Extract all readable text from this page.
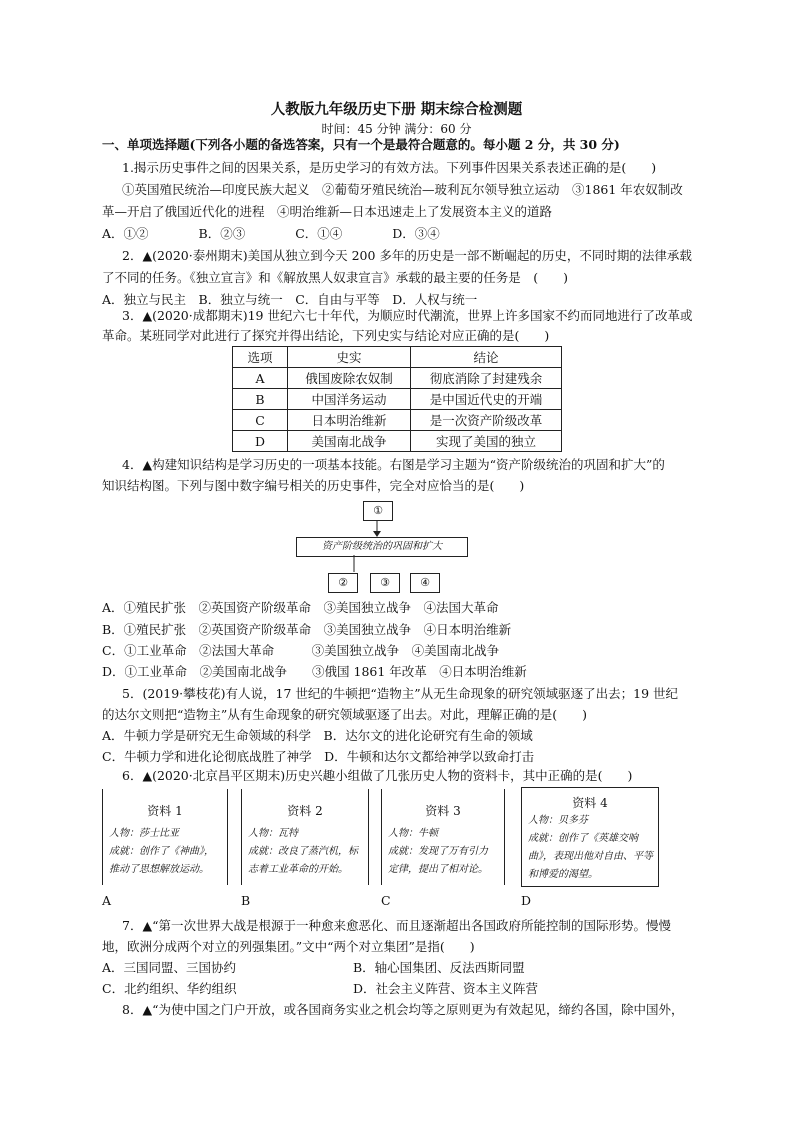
人教版九年级历史下册 期末综合检测题
时间：45 分钟 满分：60 分
一、单项选择题(下列各小题的备选答案，只有一个是最符合题意的。每小题 2 分，共 30 分)
1.揭示历史事件之间的因果关系，是历史学习的有效方法。下列事件因果关系表述正确的是(　　)
①英国殖民统治—印度民族大起义　②葡萄牙殖民统治—玻利瓦尔领导独立运动　③1861 年农奴制改
革—开启了俄国近代化的进程　④明治维新—日本迅速走上了发展资本主义的道路
A．①②　　　　B．②③　　　　C．①④　　　　D．③④
2．▲(2020·泰州期末)美国从独立到今天 200 多年的历史是一部不断崛起的历史，不同时期的法律承载
了不同的任务。《独立宣言》和《解放黑人奴隶宣言》承载的最主要的任务是　(　　)
A．独立与民主　B．独立与统一　C．自由与平等　D．人权与统一
3．▲(2020·成都期末)19 世纪六七十年代，为顺应时代潮流，世界上许多国家不约而同地进行了改革或
革命。某班同学对此进行了探究并得出结论，下列史实与结论对应正确的是(　　)
选项	史实	结论
A	俄国废除农奴制	彻底消除了封建残余
B	中国洋务运动	是中国近代史的开端
C	日本明治维新	是一次资产阶级改革
D	美国南北战争	实现了美国的独立
4．▲构建知识结构是学习历史的一项基本技能。右图是学习主题为“资产阶级统治的巩固和扩大”的
知识结构图。下列与图中数字编号相关的历史事件，完全对应恰当的是(　　)
①
资产阶级统治的巩固和扩大
②	③	④
A．①殖民扩张　②英国资产阶级革命　③美国独立战争　④法国大革命
B．①殖民扩张　②英国资产阶级革命　③美国独立战争　④日本明治维新
C．①工业革命　②法国大革命　　　③美国独立战争　④美国南北战争
D．①工业革命　②美国南北战争　　③俄国 1861 年改革　④日本明治维新
5．(2019·攀枝花)有人说，17 世纪的牛顿把“造物主”从无生命现象的研究领域驱逐了出去；19 世纪
的达尔文则把“造物主”从有生命现象的研究领域驱逐了出去。对此，理解正确的是(　　)
A．牛顿力学是研究无生命领域的科学　B．达尔文的进化论研究有生命的领域
C．牛顿力学和进化论彻底战胜了神学　D．牛顿和达尔文都给神学以致命打击
6．▲(2020·北京昌平区期末)历史兴趣小组做了几张历史人物的资料卡，其中正确的是(　　)
资料 1
人物：莎士比亚
成就：创作了《神曲》，
推动了思想解放运动。
资料 2
人物：瓦特
成就：改良了蒸汽机，标
志着工业革命的开始。
资料 3
人物：牛顿
成就：发现了万有引力
定律，提出了相对论。
资料 4
人物：贝多芬
成就：创作了《英雄交响
曲》，表现出他对自由、平等
和博爱的渴望。
A	B	C	D
7．▲“第一次世界大战是根源于一种愈来愈恶化、而且逐渐超出各国政府所能控制的国际形势。慢慢
地，欧洲分成两个对立的列强集团。”文中“两个对立集团”是指(　　)
A．三国同盟、三国协约	B．轴心国集团、反法西斯同盟
C．北约组织、华约组织	D．社会主义阵营、资本主义阵营
8．▲“为使中国之门户开放，或各国商务实业之机会均等之原则更为有效起见，缔约各国，除中国外，
